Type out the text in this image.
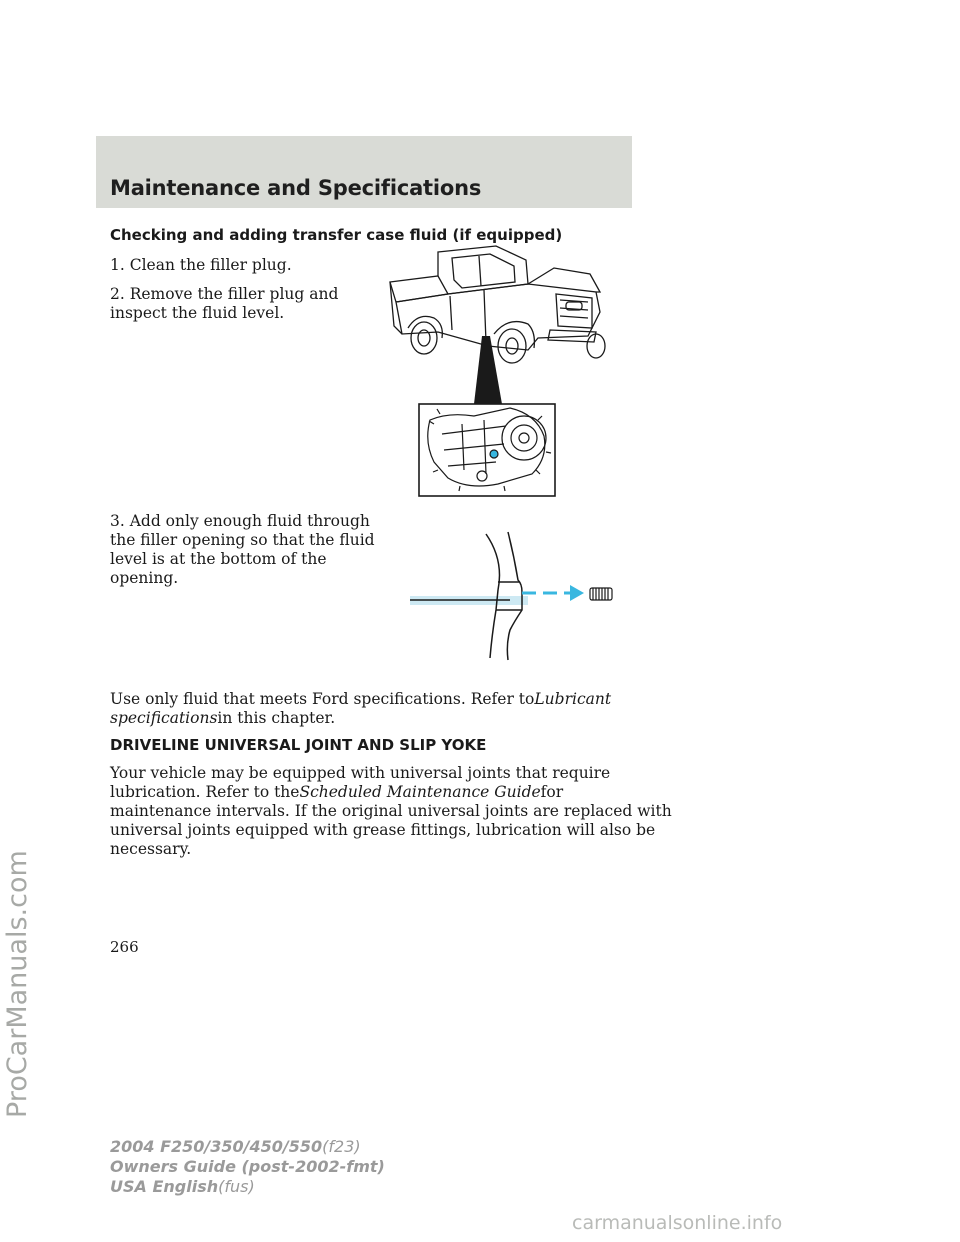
Maintenance and Specifications
Checking and adding transfer case fluid (if equipped)

1. Clean the filler plug.

2. Remove the filler plug and
inspect the fluid level.

3. Add only enough fluid through
the filler opening so that the fluid
level is at the bottom of the
opening.

Use only fluid that meets Ford specifications. Refer toLubricant
specificationsin this chapter.

DRIVELINE UNIVERSAL JOINT AND SLIP YOKE

Your vehicle may be equipped with universal joints that require
lubrication. Refer to theScheduled Maintenance Guidefor
maintenance intervals. If the original universal joints are replaced with
universal joints equipped with grease fittings, lubrication will also be
necessary.

266

2004 F250/350/450/550(f23)
Owners Guide (post-2002-fmt)
USA English(fus)
ProCarManuals.com

carmanualsonline.info
